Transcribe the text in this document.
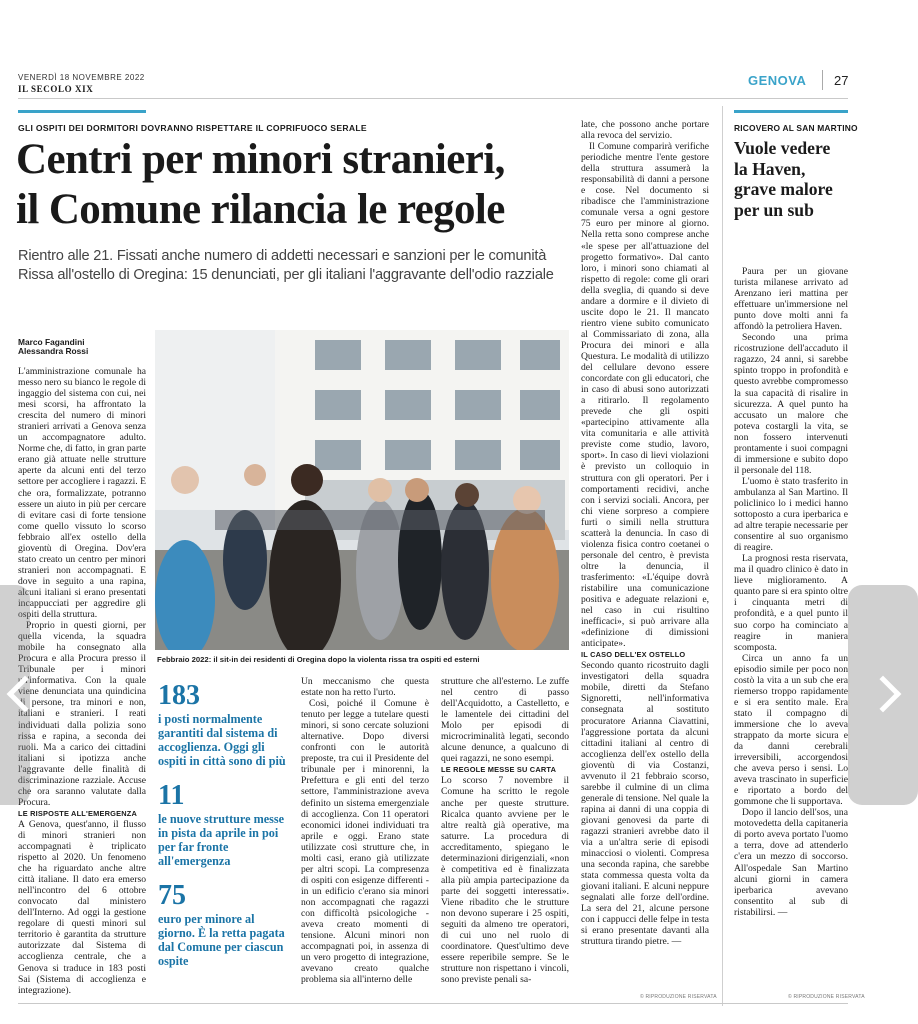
VENERDÌ 18 NOVEMBRE 2022
IL SECOLO XIX
GENOVA 27
GLI OSPITI DEI DORMITORI DOVRANNO RISPETTARE IL COPRIFUOCO SERALE
Centri per minori stranieri,
il Comune rilancia le regole
Rientro alle 21. Fissati anche numero di addetti necessari e sanzioni per le comunità
Rissa all'ostello di Oregina: 15 denunciati, per gli italiani l'aggravante dell'odio razziale
Marco Fagandini
Alessandra Rossi
Febbraio 2022: il sit-in dei residenti di Oregina dopo la violenta rissa tra ospiti ed esterni

L'amministrazione comunale ha messo nero su bianco le regole di ingaggio del sistema con cui, nei mesi scorsi, ha affrontato la crescita del numero di minori stranieri arrivati a Genova senza un accompagnatore adulto. Norme che, di fatto, in gran parte erano già attuate nelle strutture aperte da alcuni enti del terzo settore per accogliere i ragazzi. E che ora, formalizzate, potranno essere un aiuto in più per cercare di evitare casi di forte tensione come quello vissuto lo scorso febbraio all'ex ostello della gioventù di Oregina. Dov'era stato creato un centro per minori stranieri non accompagnati. E dove in seguito a una rapina, alcuni italiani si erano presentati incappucciati per aggredire gli ospiti della struttura.

Proprio in questi giorni, per quella vicenda, la squadra mobile ha consegnato alla Procura e alla Procura presso il Tribunale per i minori un'informativa. Con la quale viene denunciata una quindicina di persone, tra minori e non, italiani e stranieri. I reati individuati dalla polizia sono rissa e rapina, a seconda dei ruoli. Ma a carico dei cittadini italiani si ipotizza anche l'aggravante delle finalità di discriminazione razziale. Accuse che ora saranno valutate dalla Procura.

LE RISPOSTE ALL'EMERGENZA

A Genova, quest'anno, il flusso di minori stranieri non accompagnati è triplicato rispetto al 2020. Un fenomeno che ha riguardato anche altre città italiane. Il dato era emerso nell'incontro del 6 ottobre convocato dal ministero dell'Interno. Ad oggi la gestione regolare di questi minori sul territorio è garantita da strutture autorizzate dal Sistema di accoglienza centrale, che a Genova si traduce in 183 posti Sai (Sistema di accoglienza e integrazione).

183
i posti normalmente garantiti dal sistema di accoglienza. Oggi gli ospiti in città sono di più
11
le nuove strutture messe in pista da aprile in poi per far fronte all'emergenza
75
euro per minore al giorno. È la retta pagata dal Comune per ciascun ospite

Un meccanismo che questa estate non ha retto l'urto.

Così, poiché il Comune è tenuto per legge a tutelare questi minori, si sono cercate soluzioni alternative. Dopo diversi confronti con le autorità preposte, tra cui il Presidente del tribunale per i minorenni, la Prefettura e gli enti del terzo settore, l'amministrazione aveva definito un sistema emergenziale di accoglienza. Con 11 operatori economici idonei individuati tra aprile e oggi. Erano state utilizzate così strutture che, in molti casi, erano già utilizzate per altri scopi. La compresenza di ospiti con esigenze differenti - in un edificio c'erano sia minori non accompagnati che ragazzi con difficoltà psicologiche - aveva creato momenti di tensione. Alcuni minori non accompagnati poi, in assenza di un vero progetto di integrazione, avevano creato qualche problema sia all'interno delle

strutture che all'esterno. Le zuffe nel centro di passo dell'Acquidotto, a Castelletto, e le lamentele dei cittadini del Molo per episodi di microcriminalità legati, secondo alcune denunce, a qualcuno di quei ragazzi, ne sono esempi.

LE REGOLE MESSE SU CARTA

Lo scorso 7 novembre il Comune ha scritto le regole anche per queste strutture. Ricalca quanto avviene per le altre realtà già operative, ma saturre. La procedura di accreditamento, spiegano le determinazioni dirigenziali, «non è competitiva ed è finalizzata alla più ampia partecipazione da parte dei soggetti interessati». Viene ribadito che le strutture non devono superare i 25 ospiti, seguiti da almeno tre operatori, di cui uno nel ruolo di coordinatore. Quest'ultimo deve essere reperibile sempre. Se le strutture non rispettano i vincoli, sono previste penali sa-

late, che possono anche portare alla revoca del servizio.

Il Comune comparirà verifiche periodiche mentre l'ente gestore della struttura assumerà la responsabilità di danni a persone e cose. Nel documento si ribadisce che l'amministrazione comunale versa a ogni gestore 75 euro per minore al giorno. Nella retta sono comprese anche «le spese per all'attuazione del progetto formativo». Dal canto loro, i minori sono chiamati al rispetto di regole: come gli orari della sveglia, di quando si deve andare a dormire e il divieto di uscite dopo le 21. Il mancato rientro viene subito comunicato al Commissariato di zona, alla Procura dei minori e alla Questura. Le modalità di utilizzo del cellulare devono essere concordate con gli educatori, che in caso di abusi sono autorizzati a ritirarlo. Il regolamento prevede che gli ospiti «partecipino attivamente alla vita comunitaria e alle attività previste come studio, lavoro, sport». In caso di lievi violazioni è previsto un colloquio in struttura con gli operatori. Per i comportamenti recidivi, anche con i servizi sociali. Ancora, per chi viene sorpreso a compiere furti o simili nella struttura scatterà la denuncia. In caso di violenza fisica contro coetanei o personale del centro, è prevista oltre la denuncia, il trasferimento: «L'équipe dovrà ristabilire una comunicazione positiva e adeguate relazioni e, nel caso in cui risultino inefficaci», si può arrivare alla «definizione di dimissioni anticipate».

IL CASO DELL'EX OSTELLO

Secondo quanto ricostruito dagli investigatori della squadra mobile, diretti da Stefano Signoretti, nell'informativa consegnata al sostituto procuratore Arianna Ciavattini, l'aggressione portata da alcuni cittadini italiani al centro di accoglienza dell'ex ostello della gioventù di via Costanzi, avvenuto il 21 febbraio scorso, sarebbe il culmine di un clima generale di tensione. Nel quale la rapina ai danni di una coppia di giovani genovesi da parte di ragazzi stranieri avrebbe dato il via a un'altra serie di episodi minacciosi o violenti. Compresa una seconda rapina, che sarebbe stata commessa questa volta da giovani italiani. E alcuni neppure segnalati alle forze dell'ordine. La sera del 21, alcune persone con i cappucci delle felpe in testa si erano presentate davanti alla struttura tirando pietre. —

© RIPRODUZIONE RISERVATA
RICOVERO AL SAN MARTINO
Vuole vedere
la Haven,
grave malore
per un sub

Paura per un giovane turista milanese arrivato ad Arenzano ieri mattina per effettuare un'immersione nel punto dove molti anni fa affondò la petroliera Haven.

Secondo una prima ricostruzione dell'accaduto il ragazzo, 24 anni, si sarebbe spinto troppo in profondità e questo avrebbe compromesso la sua capacità di risalire in sicurezza. A quel punto ha accusato un malore che poteva costargli la vita, se non fossero intervenuti prontamente i suoi compagni di immersione e subito dopo il personale del 118.

L'uomo è stato trasferito in ambulanza al San Martino. Il policlinico lo i medici hanno sottoposto a cura iperbarica e ad altre terapie necessarie per consentire al suo organismo di reagire.

La prognosi resta riservata, ma il quadro clinico è dato in lieve miglioramento. A quanto pare si era spinto oltre i cinquanta metri di profondità, e a quel punto il suo corpo ha cominciato a reagire in maniera scomposta.

Circa un anno fa un episodio simile per poco non costò la vita a un sub che era riemerso troppo rapidamente e si era sentito male. Era stato il compagno di immersione che lo aveva strappato da morte sicura e da danni cerebrali irreversibili, accorgendosi che aveva perso i sensi. Lo aveva trascinato in superficie e riportato a bordo del gommone che li supportava.

Dopo il lancio dell'sos, una motovedetta della capitaneria di porto aveva portato l'uomo a terra, dove ad attenderlo c'era un mezzo di soccorso. All'ospedale San Martino alcuni giorni in camera iperbarica avevano consentito al sub di ristabilirsi. —

© RIPRODUZIONE RISERVATA
